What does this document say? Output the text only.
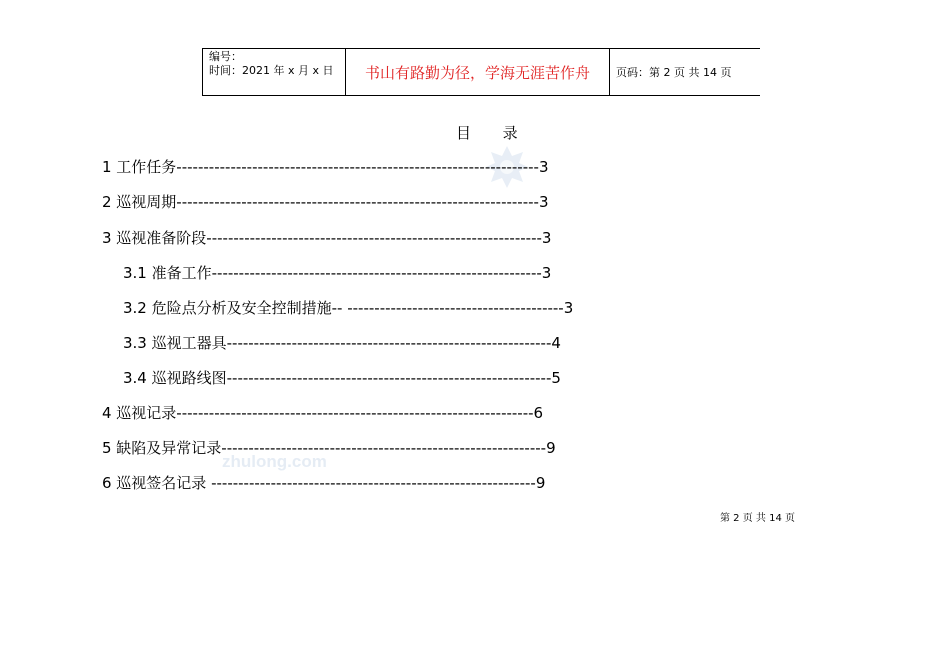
编号：
时间：2021 年 x 月 x 日	书山有路勤为径，学海无涯苦作舟 页码：第 2 页 共 14 页
目 录
1 工作任务-------------------------------------------------------------------3
2 巡视周期-------------------------------------------------------------------3
3 巡视准备阶段--------------------------------------------------------------3
3.1 准备工作-------------------------------------------------------------3
3.2 危险点分析及安全控制措施-- ----------------------------------------3
3.3 巡视工器具------------------------------------------------------------4
3.4 巡视路线图------------------------------------------------------------5
4 巡视记录------------------------------------------------------------------6
5 缺陷及异常记录------------------------------------------------------------9
6 巡视签名记录 ------------------------------------------------------------9
zhulong.com
第 2 页 共 14 页
